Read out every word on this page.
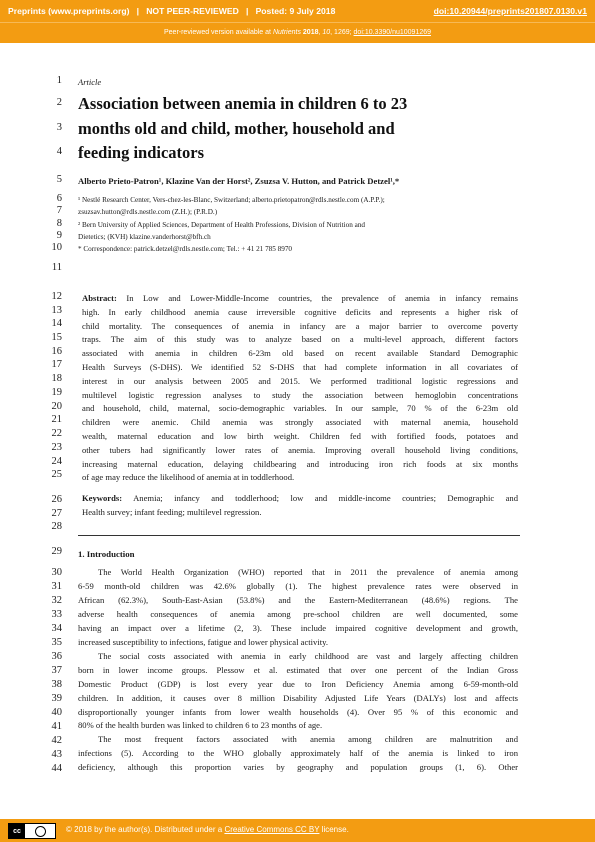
Preprints (www.preprints.org) | NOT PEER-REVIEWED | Posted: 9 July 2018	doi:10.20944/preprints201807.0130.v1
Peer-reviewed version available at Nutrients 2018, 10, 1269; doi:10.3390/nu10091269
1
2
3
4
5
6
7
8
9
10
11
12
13
14
15
16
17
18
19
20
21
22
23
24
25
26
27
28
29
30
31
32
33
34
35
36
37
38
39
40
41
42
43
44
Article
Association between anemia in children 6 to 23
months old and child, mother, household and
feeding indicators
Alberto Prieto-Patron¹, Klazine Van der Horst², Zsuzsa V. Hutton, and Patrick Detzel¹,*
¹ Nestlé Research Center, Vers-chez-les-Blanc, Switzerland; alberto.prietopatron@rdls.nestle.com (A.P.P.);
zsuzsav.hutton@rdls.nestle.com (Z.H.); (P.R.D.)
² Bern University of Applied Sciences, Department of Health Professions, Division of Nutrition and
Dietetics; (KVH) klazine.vanderhorst@bfh.ch
* Correspondence: patrick.detzel@rdls.nestle.com; Tel.: + 41 21 785 8970
Abstract: In Low and Lower-Middle-Income countries, the prevalence of anemia in infancy remains
high. In early childhood anemia cause irreversible cognitive deficits and represents a higher risk of
child mortality. The consequences of anemia in infancy are a major barrier to overcome poverty
traps. The aim of this study was to analyze based on a multi-level approach, different factors
associated with anemia in children 6-23m old based on recent available Standard Demographic
Health Surveys (S-DHS). We identified 52 S-DHS that had complete information in all covariates of
interest in our analysis between 2005 and 2015. We performed traditional logistic regressions and
multilevel logistic regression analyses to study the association between hemoglobin concentrations
and household, child, maternal, socio-demographic variables. In our sample, 70 % of the 6-23m old
children were anemic. Child anemia was strongly associated with maternal anemia, household
wealth, maternal education and low birth weight. Children fed with fortified foods, potatoes and
other tubers had significantly lower rates of anemia. Improving overall household living conditions,
increasing maternal education, delaying childbearing and introducing iron rich foods at six months
of age may reduce the likelihood of anemia at in toddlerhood.
Keywords: Anemia; infancy and toddlerhood; low and middle-income countries; Demographic and
Health survey; infant feeding; multilevel regression.
1. Introduction
The World Health Organization (WHO) reported that in 2011 the prevalence of anemia among
6-59 month-old children was 42.6% globally (1). The highest prevalence rates were observed in
African (62.3%), South-East-Asian (53.8%) and the Eastern-Mediterranean (48.6%) regions. The
adverse health consequences of anemia among pre-school children are well documented, some
having an impact over a lifetime (2, 3). These include impaired cognitive development and growth,
increased susceptibility to infections, fatigue and lower physical activity.
The social costs associated with anemia in early childhood are vast and largely affecting children
born in lower income groups. Plessow et al. estimated that over one percent of the Indian Gross
Domestic Product (GDP) is lost every year due to Iron Deficiency Anemia among 6-59-month-old
children. In addition, it causes over 8 million Disability Adjusted Life Years (DALYs) lost and affects
disproportionally younger infants from lower wealth households (4). Over 95 % of this economic and
80% of the health burden was linked to children 6 to 23 months of age.
The most frequent factors associated with anemia among children are malnutrition and
infections (5). According to the WHO globally approximately half of the anemia is linked to iron
deficiency, although this proportion varies by geography and population groups (1, 6). Other
cc	© 2018 by the author(s). Distributed under a Creative Commons CC BY license.
